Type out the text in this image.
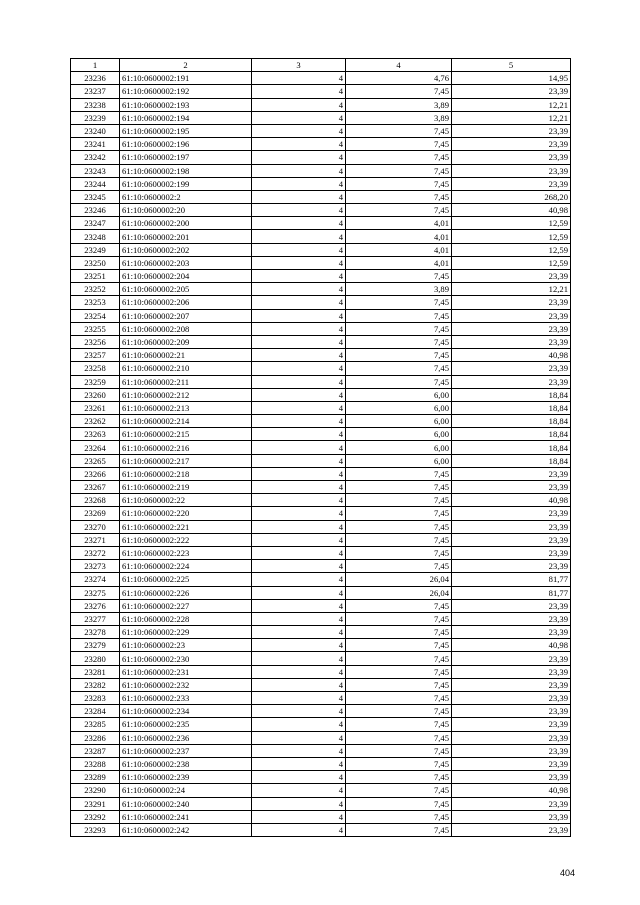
1	2	3	4	5
23236	61:10:0600002:191	4	4,76	14,95
23237	61:10:0600002:192	4	7,45	23,39
23238	61:10:0600002:193	4	3,89	12,21
23239	61:10:0600002:194	4	3,89	12,21
23240	61:10:0600002:195	4	7,45	23,39
23241	61:10:0600002:196	4	7,45	23,39
23242	61:10:0600002:197	4	7,45	23,39
23243	61:10:0600002:198	4	7,45	23,39
23244	61:10:0600002:199	4	7,45	23,39
23245	61:10:0600002:2	4	7,45	268,20
23246	61:10:0600002:20	4	7,45	40,98
23247	61:10:0600002:200	4	4,01	12,59
23248	61:10:0600002:201	4	4,01	12,59
23249	61:10:0600002:202	4	4,01	12,59
23250	61:10:0600002:203	4	4,01	12,59
23251	61:10:0600002:204	4	7,45	23,39
23252	61:10:0600002:205	4	3,89	12,21
23253	61:10:0600002:206	4	7,45	23,39
23254	61:10:0600002:207	4	7,45	23,39
23255	61:10:0600002:208	4	7,45	23,39
23256	61:10:0600002:209	4	7,45	23,39
23257	61:10:0600002:21	4	7,45	40,98
23258	61:10:0600002:210	4	7,45	23,39
23259	61:10:0600002:211	4	7,45	23,39
23260	61:10:0600002:212	4	6,00	18,84
23261	61:10:0600002:213	4	6,00	18,84
23262	61:10:0600002:214	4	6,00	18,84
23263	61:10:0600002:215	4	6,00	18,84
23264	61:10:0600002:216	4	6,00	18,84
23265	61:10:0600002:217	4	6,00	18,84
23266	61:10:0600002:218	4	7,45	23,39
23267	61:10:0600002:219	4	7,45	23,39
23268	61:10:0600002:22	4	7,45	40,98
23269	61:10:0600002:220	4	7,45	23,39
23270	61:10:0600002:221	4	7,45	23,39
23271	61:10:0600002:222	4	7,45	23,39
23272	61:10:0600002:223	4	7,45	23,39
23273	61:10:0600002:224	4	7,45	23,39
23274	61:10:0600002:225	4	26,04	81,77
23275	61:10:0600002:226	4	26,04	81,77
23276	61:10:0600002:227	4	7,45	23,39
23277	61:10:0600002:228	4	7,45	23,39
23278	61:10:0600002:229	4	7,45	23,39
23279	61:10:0600002:23	4	7,45	40,98
23280	61:10:0600002:230	4	7,45	23,39
23281	61:10:0600002:231	4	7,45	23,39
23282	61:10:0600002:232	4	7,45	23,39
23283	61:10:0600002:233	4	7,45	23,39
23284	61:10:0600002:234	4	7,45	23,39
23285	61:10:0600002:235	4	7,45	23,39
23286	61:10:0600002:236	4	7,45	23,39
23287	61:10:0600002:237	4	7,45	23,39
23288	61:10:0600002:238	4	7,45	23,39
23289	61:10:0600002:239	4	7,45	23,39
23290	61:10:0600002:24	4	7,45	40,98
23291	61:10:0600002:240	4	7,45	23,39
23292	61:10:0600002:241	4	7,45	23,39
23293	61:10:0600002:242	4	7,45	23,39
404
